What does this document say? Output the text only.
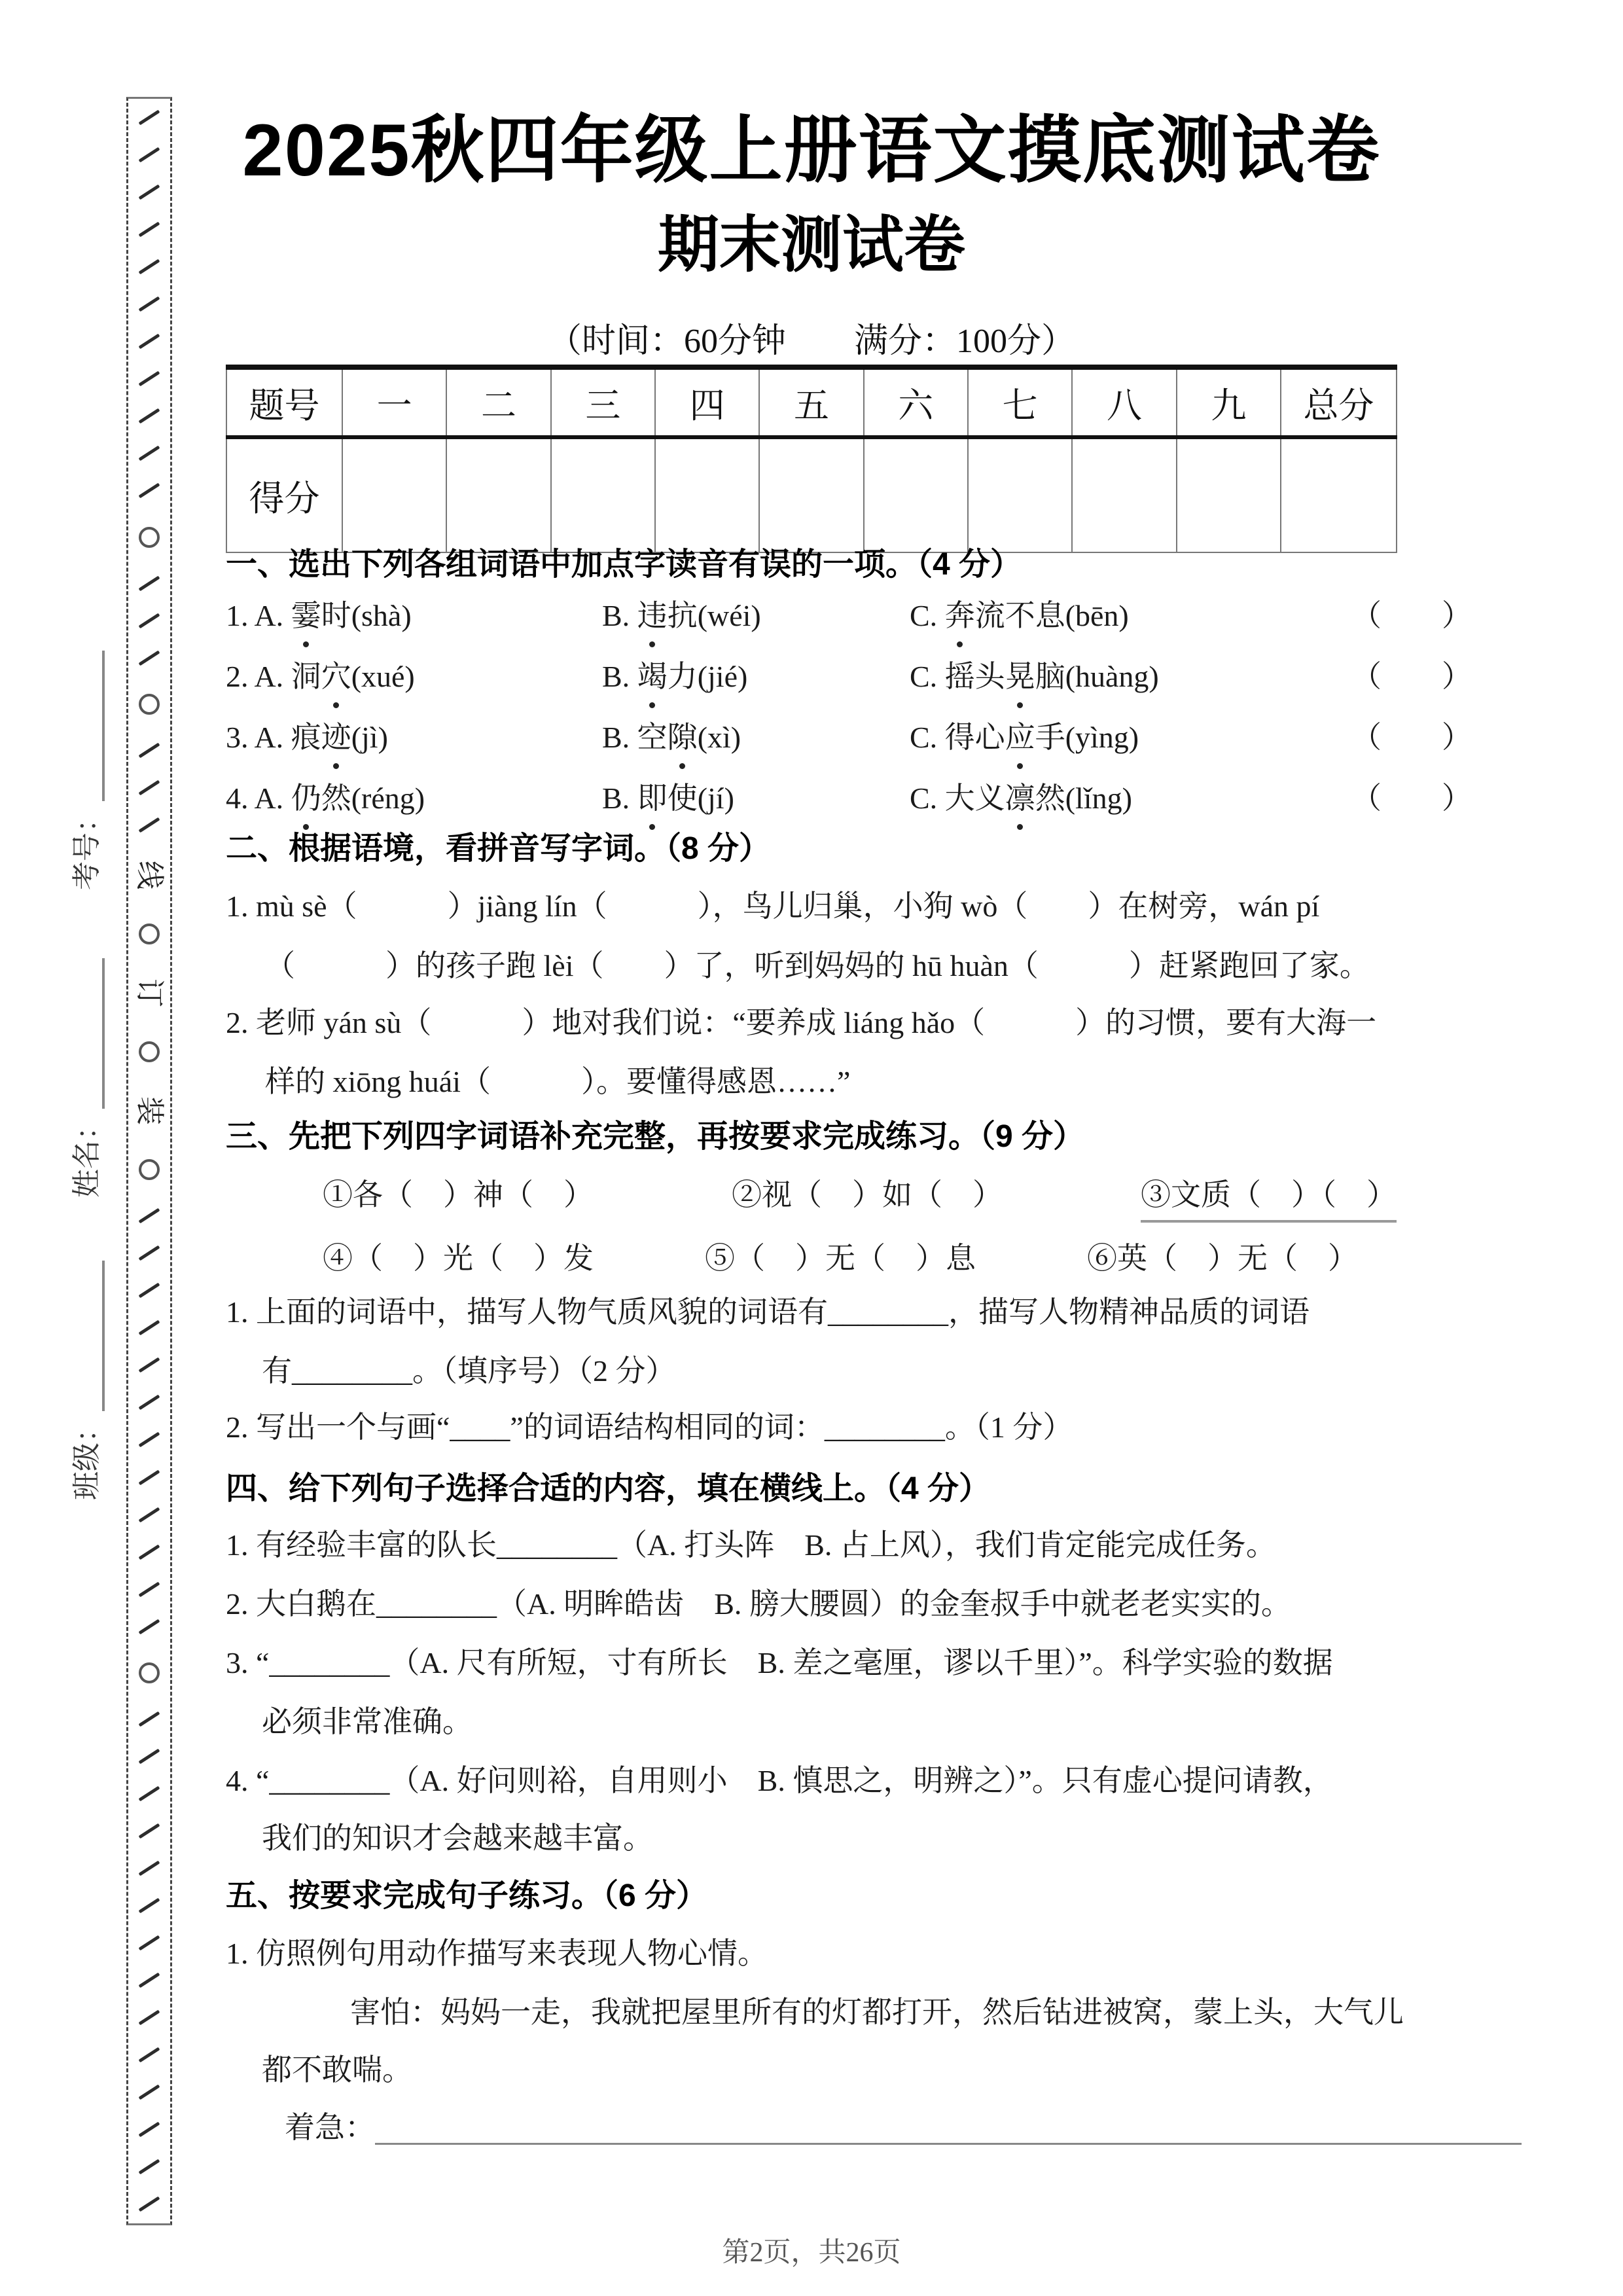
线
订
装
考号：
姓名：
班级：
2025秋四年级上册语文摸底测试卷
期末测试卷
（时间：60分钟　　满分：100分）
题号	一	二	三	四	五	六	七	八	九	总分
得分										
一、选出下列各组词语中加点字读音有误的一项。（4 分）
1. A. 霎时(shà)	B. 违抗(wéi)	C. 奔流不息(bēn)	（　　）
2. A. 洞穴(xué)	B. 竭力(jié)	C. 摇头晃脑(huàng)	（　　）
3. A. 痕迹(jì)	B. 空隙(xì)	C. 得心应手(yìng)	（　　）
4. A. 仍然(réng)	B. 即使(jí)	C. 大义凛然(lǐng)	（　　）
二、根据语境，看拼音写字词。（8 分）
1. mù sè（　　　）jiàng lín（　　　），鸟儿归巢，小狗 wò（　　）在树旁，wán pí
（　　　）的孩子跑 lèi（　　）了，听到妈妈的 hū huàn（　　　）赶紧跑回了家。
2. 老师 yán sù（　　　）地对我们说：“要养成 liáng hǎo（　　　）的习惯，要有大海一
样的 xiōng huái（　　　）。要懂得感恩……”
三、先把下列四字词语补充完整，再按要求完成练习。（9 分）
①各（　）神（　）	②视（　）如（　）	③文质（　）（　）
④（　）光（　）发	⑤（　）无（　）息	⑥英（　）无（　）
1. 上面的词语中，描写人物气质风貌的词语有________，描写人物精神品质的词语
有________。（填序号）（2 分）
2. 写出一个与画“____”的词语结构相同的词：________。（1 分）
四、给下列句子选择合适的内容，填在横线上。（4 分）
1. 有经验丰富的队长________（A. 打头阵　B. 占上风），我们肯定能完成任务。
2. 大白鹅在________（A. 明眸皓齿　B. 膀大腰圆）的金奎叔手中就老老实实的。
3. “________（A. 尺有所短，寸有所长　B. 差之毫厘，谬以千里）”。科学实验的数据
必须非常准确。
4. “________（A. 好问则裕，自用则小　B. 慎思之，明辨之）”。只有虚心提问请教，
我们的知识才会越来越丰富。
五、按要求完成句子练习。（6 分）
1. 仿照例句用动作描写来表现人物心情。
害怕：妈妈一走，我就把屋里所有的灯都打开，然后钻进被窝，蒙上头，大气儿
都不敢喘。
着急：
第2页，共26页
